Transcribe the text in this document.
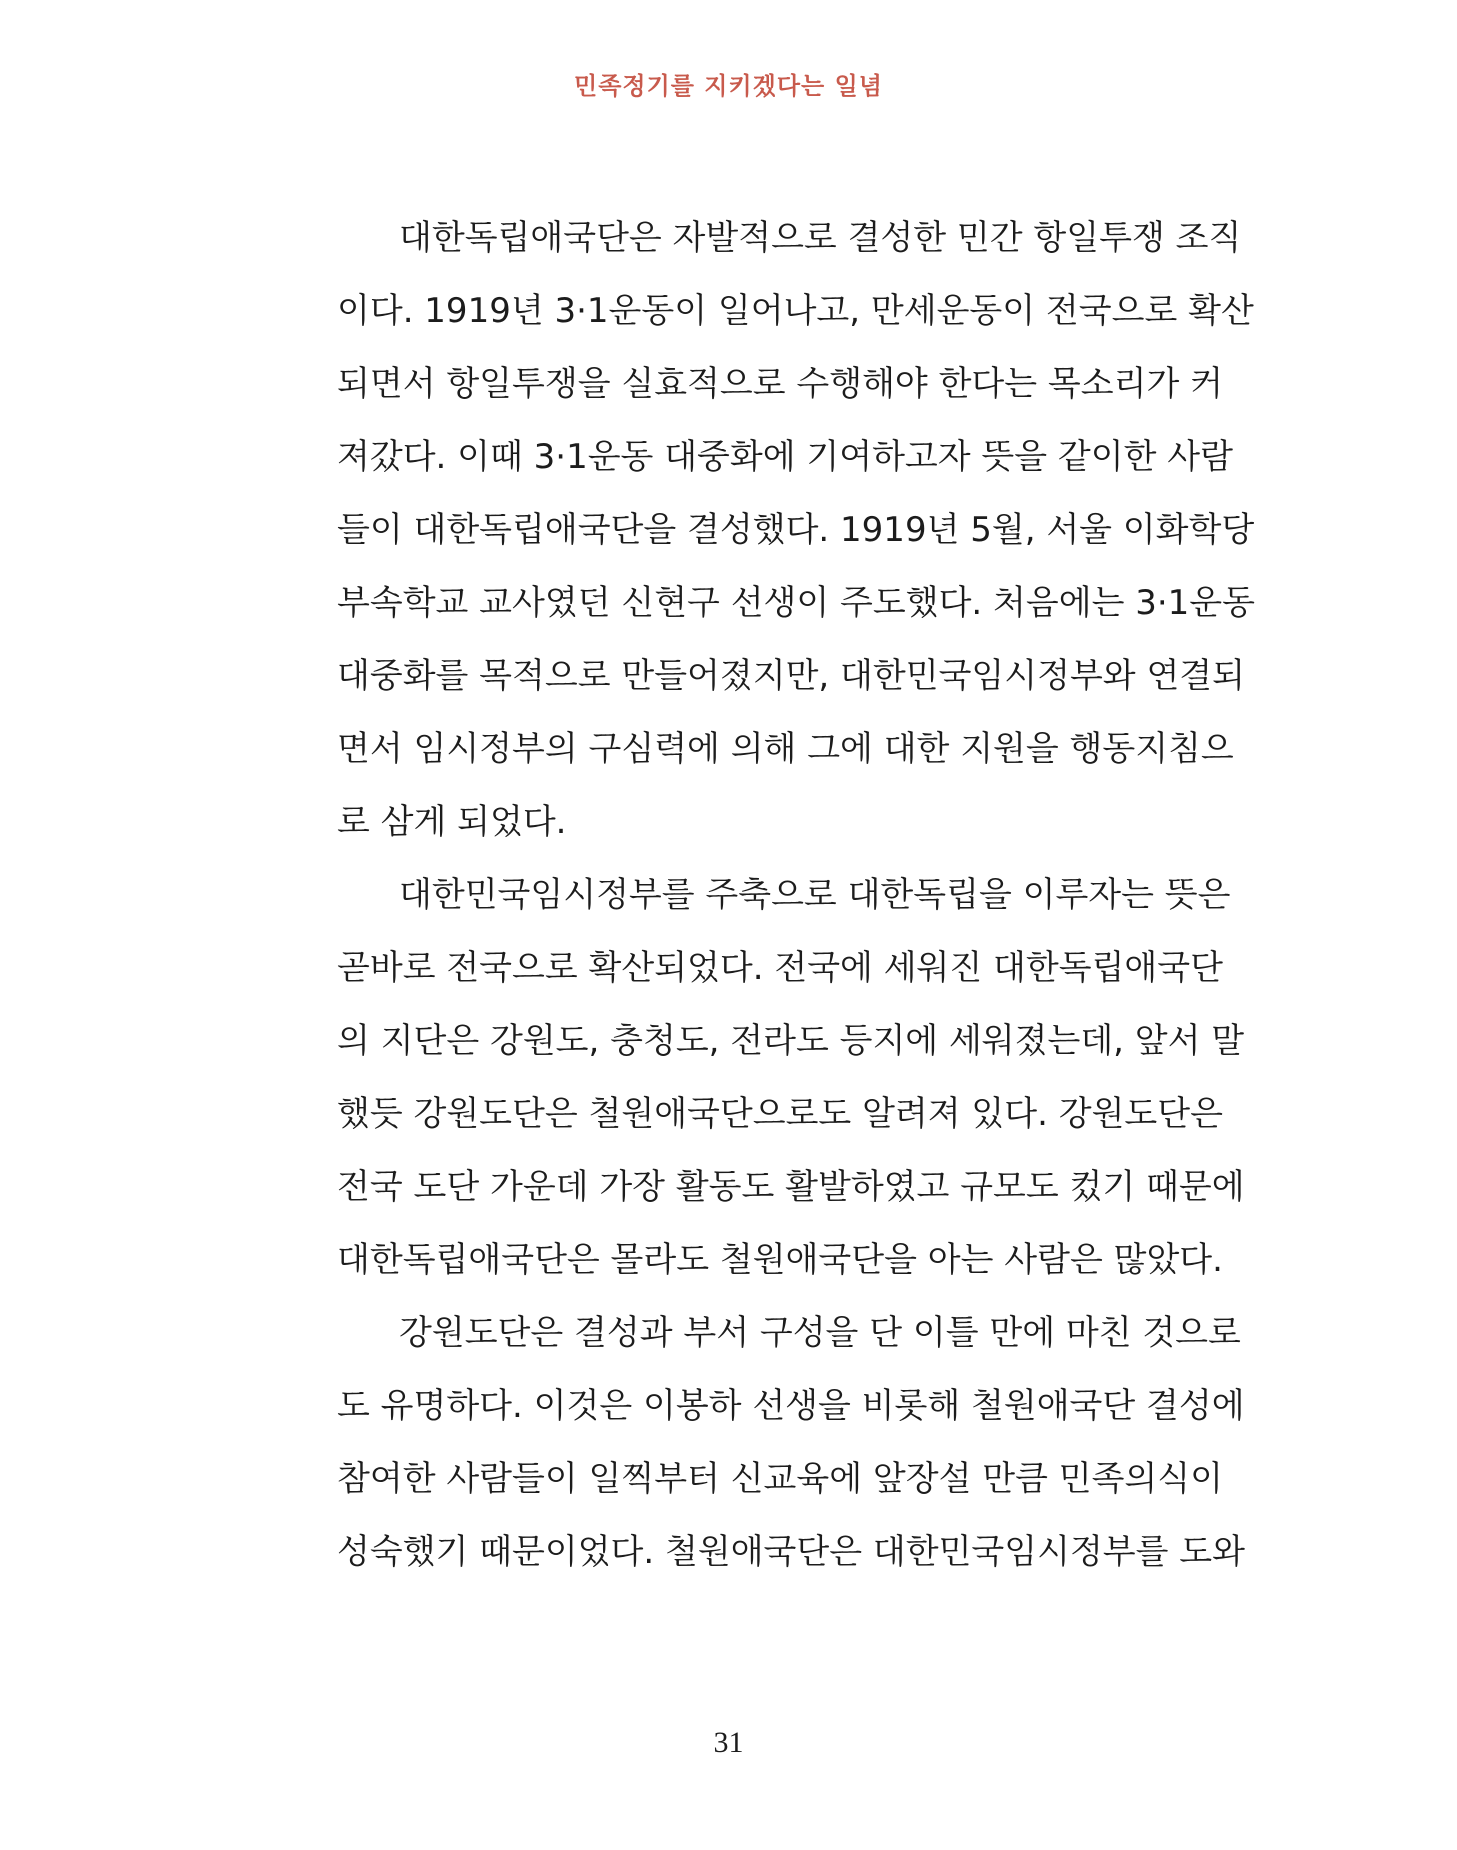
민족정기를 지키겠다는 일념
대한독립애국단은 자발적으로 결성한 민간 항일투쟁 조직
이다. 1919년 3·1운동이 일어나고, 만세운동이 전국으로 확산
되면서 항일투쟁을 실효적으로 수행해야 한다는 목소리가 커
져갔다. 이때 3·1운동 대중화에 기여하고자 뜻을 같이한 사람
들이 대한독립애국단을 결성했다. 1919년 5월, 서울 이화학당
부속학교 교사였던 신현구 선생이 주도했다. 처음에는 3·1운동
대중화를 목적으로 만들어졌지만, 대한민국임시정부와 연결되
면서 임시정부의 구심력에 의해 그에 대한 지원을 행동지침으
로 삼게 되었다.
대한민국임시정부를 주축으로 대한독립을 이루자는 뜻은
곧바로 전국으로 확산되었다. 전국에 세워진 대한독립애국단
의 지단은 강원도, 충청도, 전라도 등지에 세워졌는데, 앞서 말
했듯 강원도단은 철원애국단으로도 알려져 있다. 강원도단은
전국 도단 가운데 가장 활동도 활발하였고 규모도 컸기 때문에
대한독립애국단은 몰라도 철원애국단을 아는 사람은 많았다.
강원도단은 결성과 부서 구성을 단 이틀 만에 마친 것으로
도 유명하다. 이것은 이봉하 선생을 비롯해 철원애국단 결성에
참여한 사람들이 일찍부터 신교육에 앞장설 만큼 민족의식이
성숙했기 때문이었다. 철원애국단은 대한민국임시정부를 도와
31
